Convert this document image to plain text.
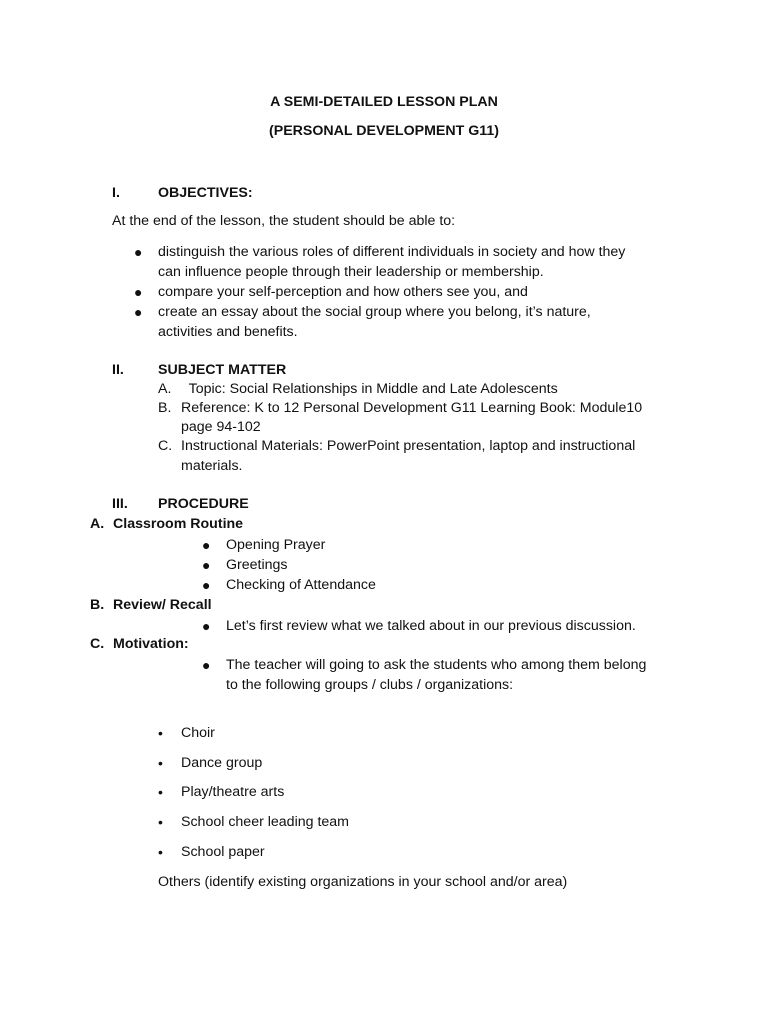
A SEMI-DETAILED LESSON PLAN
(PERSONAL DEVELOPMENT G11)
I.	OBJECTIVES:
At the end of the lesson, the student should be able to:
● distinguish the various roles of different individuals in society and how they
can influence people through their leadership or membership.
● compare your self-perception and how others see you, and
● create an essay about the social group where you belong, it’s nature,
activities and benefits.
II. SUBJECT MATTER
A. Topic: Social Relationships in Middle and Late Adolescents
B. Reference: K to 12 Personal Development G11 Learning Book: Module10
page 94-102
C. Instructional Materials: PowerPoint presentation, laptop and instructional
materials.
III. PROCEDURE
A. Classroom Routine
● Opening Prayer
● Greetings
● Checking of Attendance
B. Review/ Recall
● Let’s first review what we talked about in our previous discussion.
C. Motivation:
● The teacher will going to ask the students who among them belong
to the following groups / clubs / organizations:
• Choir
• Dance group
• Play/theatre arts
• School cheer leading team
• School paper
Others (identify existing organizations in your school and/or area)
